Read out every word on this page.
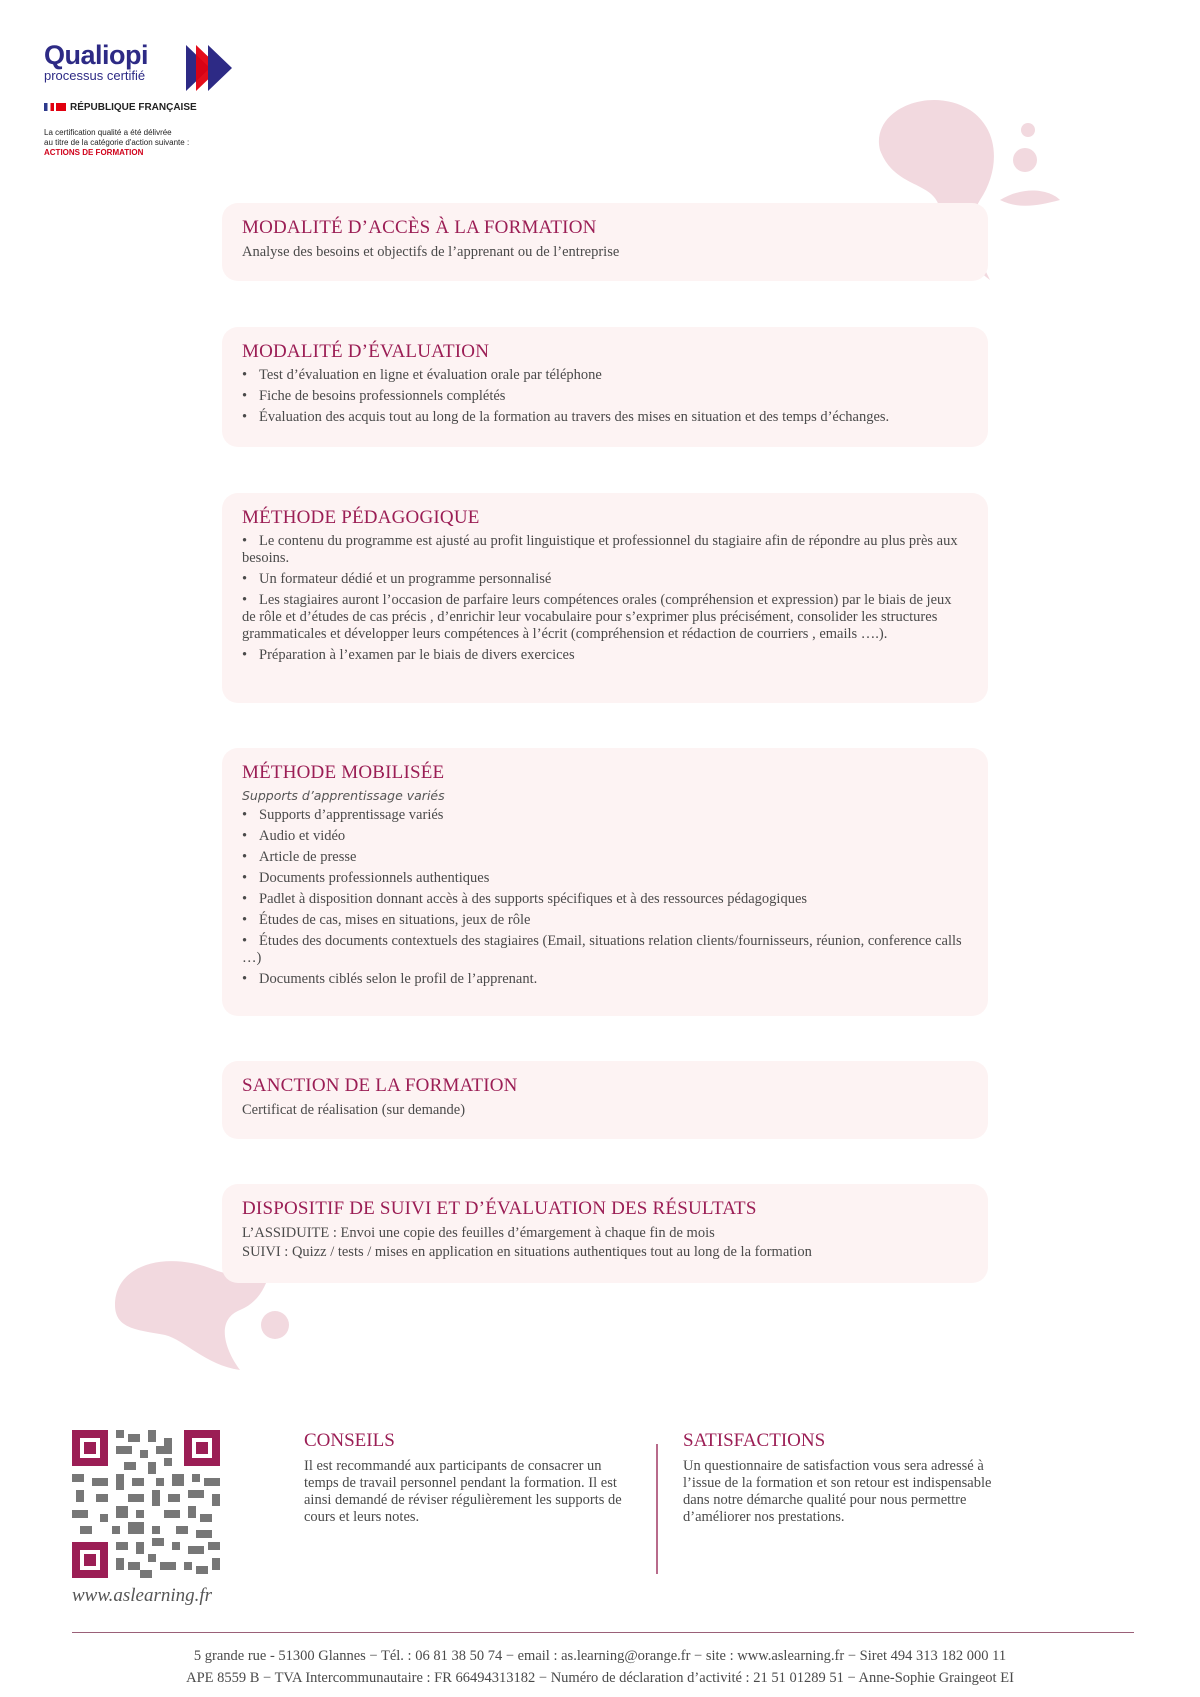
Qualiopi
processus certifié
RÉPUBLIQUE FRANÇAISE
La certification qualité a été délivrée
au titre de la catégorie d'action suivante :
ACTIONS DE FORMATION
MODALITÉ D’ACCÈS À LA FORMATION
Analyse des besoins et objectifs de l’apprenant ou de l’entreprise
MODALITÉ D’ÉVALUATION
• Test d’évaluation en ligne et évaluation orale par téléphone
• Fiche de besoins professionnels complétés
• Évaluation des acquis tout au long de la formation au travers des mises en situation et des temps d’échanges.
MÉTHODE PÉDAGOGIQUE
• Le contenu du programme est ajusté au profit linguistique et professionnel du stagiaire afin de répondre au plus près aux besoins.
• Un formateur dédié et un programme personnalisé
• Les stagiaires auront l’occasion de parfaire leurs compétences orales (compréhension et expression) par le biais de jeux de rôle et d’études de cas précis , d’enrichir leur vocabulaire pour s’exprimer plus précisément, consolider les structures grammaticales et développer leurs compétences à l’écrit (compréhension et rédaction de courriers , emails ….).
• Préparation à l’examen par le biais de divers exercices
MÉTHODE MOBILISÉE
Supports d’apprentissage variés
• Supports d’apprentissage variés
• Audio et vidéo
• Article de presse
• Documents professionnels authentiques
• Padlet à disposition donnant accès à des supports spécifiques et à des ressources pédagogiques
• Études de cas, mises en situations, jeux de rôle
• Études des documents contextuels des stagiaires (Email, situations relation clients/fournisseurs, réunion, conference calls …)
• Documents ciblés selon le profil de l’apprenant.
SANCTION DE LA FORMATION
Certificat de réalisation (sur demande)
DISPOSITIF DE SUIVI ET D’ÉVALUATION DES RÉSULTATS
L’ASSIDUITE : Envoi une copie des feuilles d’émargement à chaque fin de mois
SUIVI : Quizz / tests / mises en application en situations authentiques tout au long de la formation
www.aslearning.fr
CONSEILS
Il est recommandé aux participants de consacrer un temps de travail personnel pendant la formation. Il est ainsi demandé de réviser régulièrement les supports de cours et leurs notes.
SATISFACTIONS
Un questionnaire de satisfaction vous sera adressé à l’issue de la formation et son retour est indispensable dans notre démarche qualité pour nous permettre d’améliorer nos prestations.
5 grande rue - 51300 Glannes − Tél. : 06 81 38 50 74 − email : as.learning@orange.fr − site : www.aslearning.fr − Siret 494 313 182 000 11
APE 8559 B − TVA Intercommunautaire : FR 66494313182 − Numéro de déclaration d’activité : 21 51 01289 51 − Anne-Sophie Graingeot EI
